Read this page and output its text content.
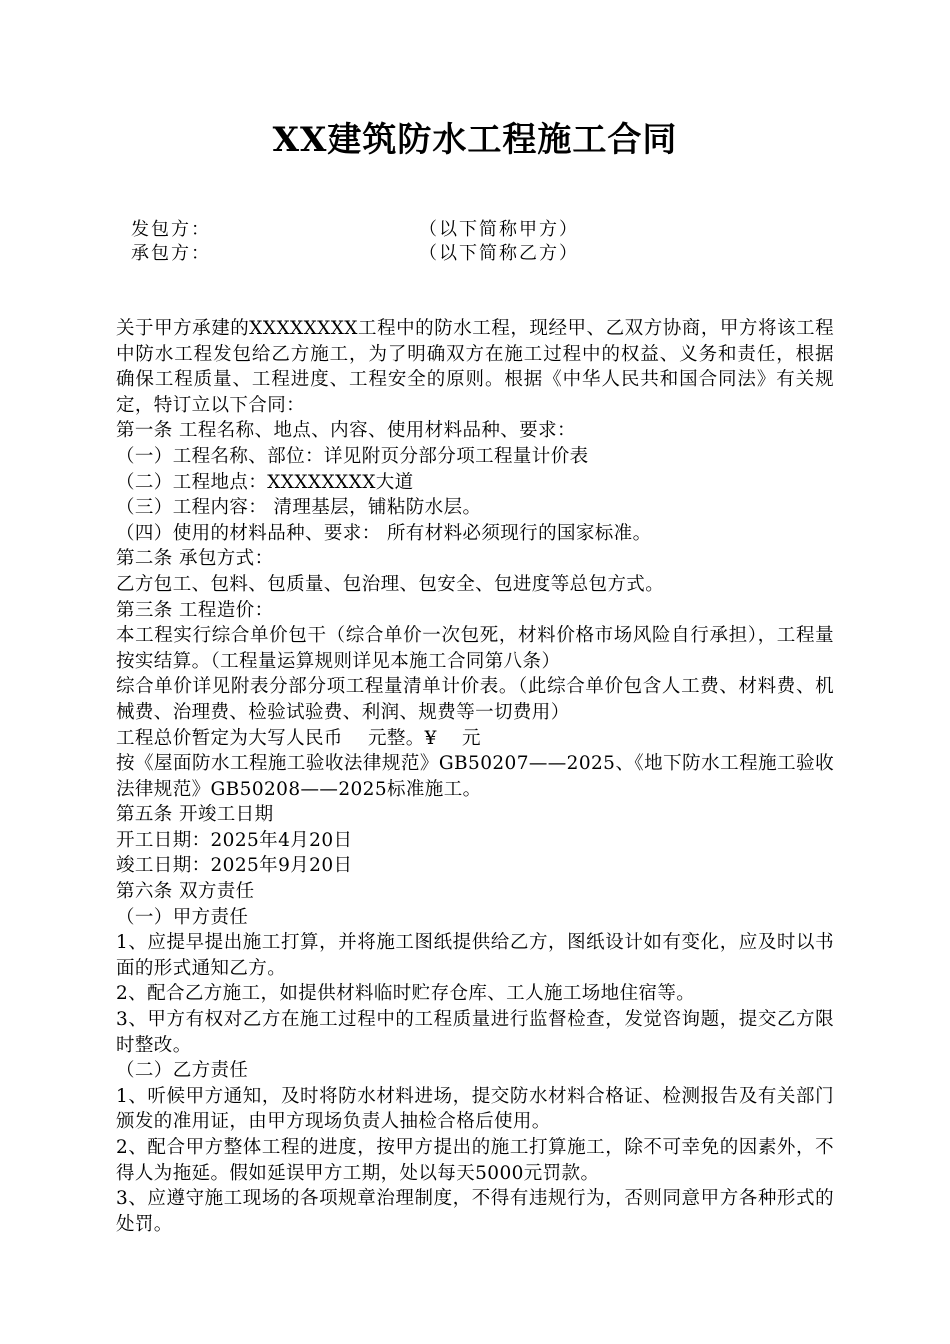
XX建筑防水工程施工合同
发包方：	（以下简称甲方）
承包方：	（以下简称乙方）

关于甲方承建的XXXXXXXX工程中的防水工程，现经甲、乙双方协商，甲方将该工程中防水工程发包给乙方施工，为了明确双方在施工过程中的权益、义务和责任，根据确保工程质量、工程进度、工程安全的原则。根据《中华人民共和国合同法》有关规定，特订立以下合同：

第一条 工程名称、地点、内容、使用材料品种、要求：

（一）工程名称、部位：详见附页分部分项工程量计价表

（二）工程地点：XXXXXXXX大道

（三）工程内容： 清理基层，铺粘防水层。

（四）使用的材料品种、要求： 所有材料必须现行的国家标准。

第二条 承包方式：

乙方包工、包料、包质量、包治理、包安全、包进度等总包方式。

第三条 工程造价：

本工程实行综合单价包干（综合单价一次包死，材料价格市场风险自行承担），工程量按实结算。（工程量运算规则详见本施工合同第八条）

综合单价详见附表分部分项工程量清单计价表。（此综合单价包含人工费、材料费、机械费、治理费、检验试验费、利润、规费等一切费用）

工程总价暂定为大写人民币　 元整。¥　 元

按《屋面防水工程施工验收法律规范》GB50207——2025、《地下防水工程施工验收法律规范》GB50208——2025标准施工。

第五条 开竣工日期

开工日期：2025年4月20日

竣工日期：2025年9月20日

第六条 双方责任

（一）甲方责任

1、应提早提出施工打算，并将施工图纸提供给乙方，图纸设计如有变化，应及时以书面的形式通知乙方。

2、配合乙方施工，如提供材料临时贮存仓库、工人施工场地住宿等。

3、甲方有权对乙方在施工过程中的工程质量进行监督检查，发觉咨询题，提交乙方限时整改。

（二）乙方责任

1、听候甲方通知，及时将防水材料进场，提交防水材料合格证、检测报告及有关部门颁发的准用证，由甲方现场负责人抽检合格后使用。

2、配合甲方整体工程的进度，按甲方提出的施工打算施工，除不可幸免的因素外，不得人为拖延。假如延误甲方工期，处以每天5000元罚款。

3、应遵守施工现场的各项规章治理制度，不得有违规行为，否则同意甲方各种形式的处罚。
